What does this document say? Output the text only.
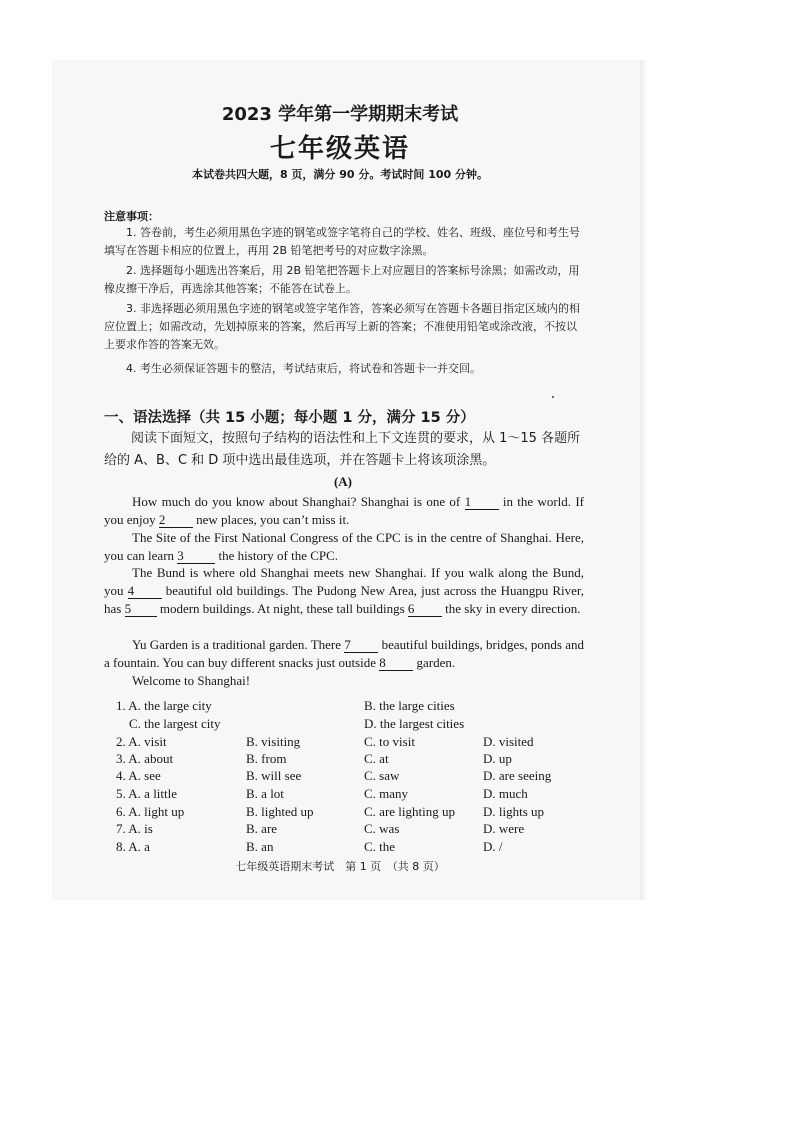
2023 学年第一学期期末考试
七年级英语
本试卷共四大题，8 页，满分 90 分。考试时间 100 分钟。
注意事项：
1. 答卷前，考生必须用黑色字迹的钢笔或签字笔将自己的学校、姓名、班级、座位号和考生号填写在答题卡相应的位置上，再用 2B 铅笔把考号的对应数字涂黑。
2. 选择题每小题选出答案后，用 2B 铅笔把答题卡上对应题目的答案标号涂黑；如需改动，用橡皮擦干净后，再选涂其他答案；不能答在试卷上。
3. 非选择题必须用黑色字迹的钢笔或签字笔作答，答案必须写在答题卡各题目指定区域内的相应位置上；如需改动，先划掉原来的答案，然后再写上新的答案；不准使用铅笔或涂改液，不按以上要求作答的答案无效。
4. 考生必须保证答题卡的整洁，考试结束后，将试卷和答题卡一并交回。
一、语法选择（共 15 小题；每小题 1 分，满分 15 分）
阅读下面短文，按照句子结构的语法性和上下文连贯的要求，从 1～15 各题所给的 A、B、C 和 D 项中选出最佳选项，并在答题卡上将该项涂黑。
(A)
How much do you know about Shanghai? Shanghai is one of 1 in the world. If you enjoy 2 new places, you can’t miss it.
The Site of the First National Congress of the CPC is in the centre of Shanghai. Here, you can learn 3 the history of the CPC.
The Bund is where old Shanghai meets new Shanghai. If you walk along the Bund, you 4 beautiful old buildings. The Pudong New Area, just across the Huangpu River, has 5 modern buildings. At night, these tall buildings 6 the sky in every direction.
Yu Garden is a traditional garden. There 7 beautiful buildings, bridges, ponds and a fountain. You can buy different snacks just outside 8 garden.
Welcome to Shanghai!
1. A. the large city	B. the large cities
C. the largest city	D. the largest cities
2. A. visit	B. visiting	C. to visit	D. visited
3. A. about	B. from	C. at	D. up
4. A. see	B. will see	C. saw	D. are seeing
5. A. a little	B. a lot	C. many	D. much
6. A. light up	B. lighted up	C. are lighting up D. lights up
7. A. is	B. are	C. was	D. were
8. A. a	B. an	C. the	D. /
七年级英语期末考试　第 1 页　（共 8 页）
